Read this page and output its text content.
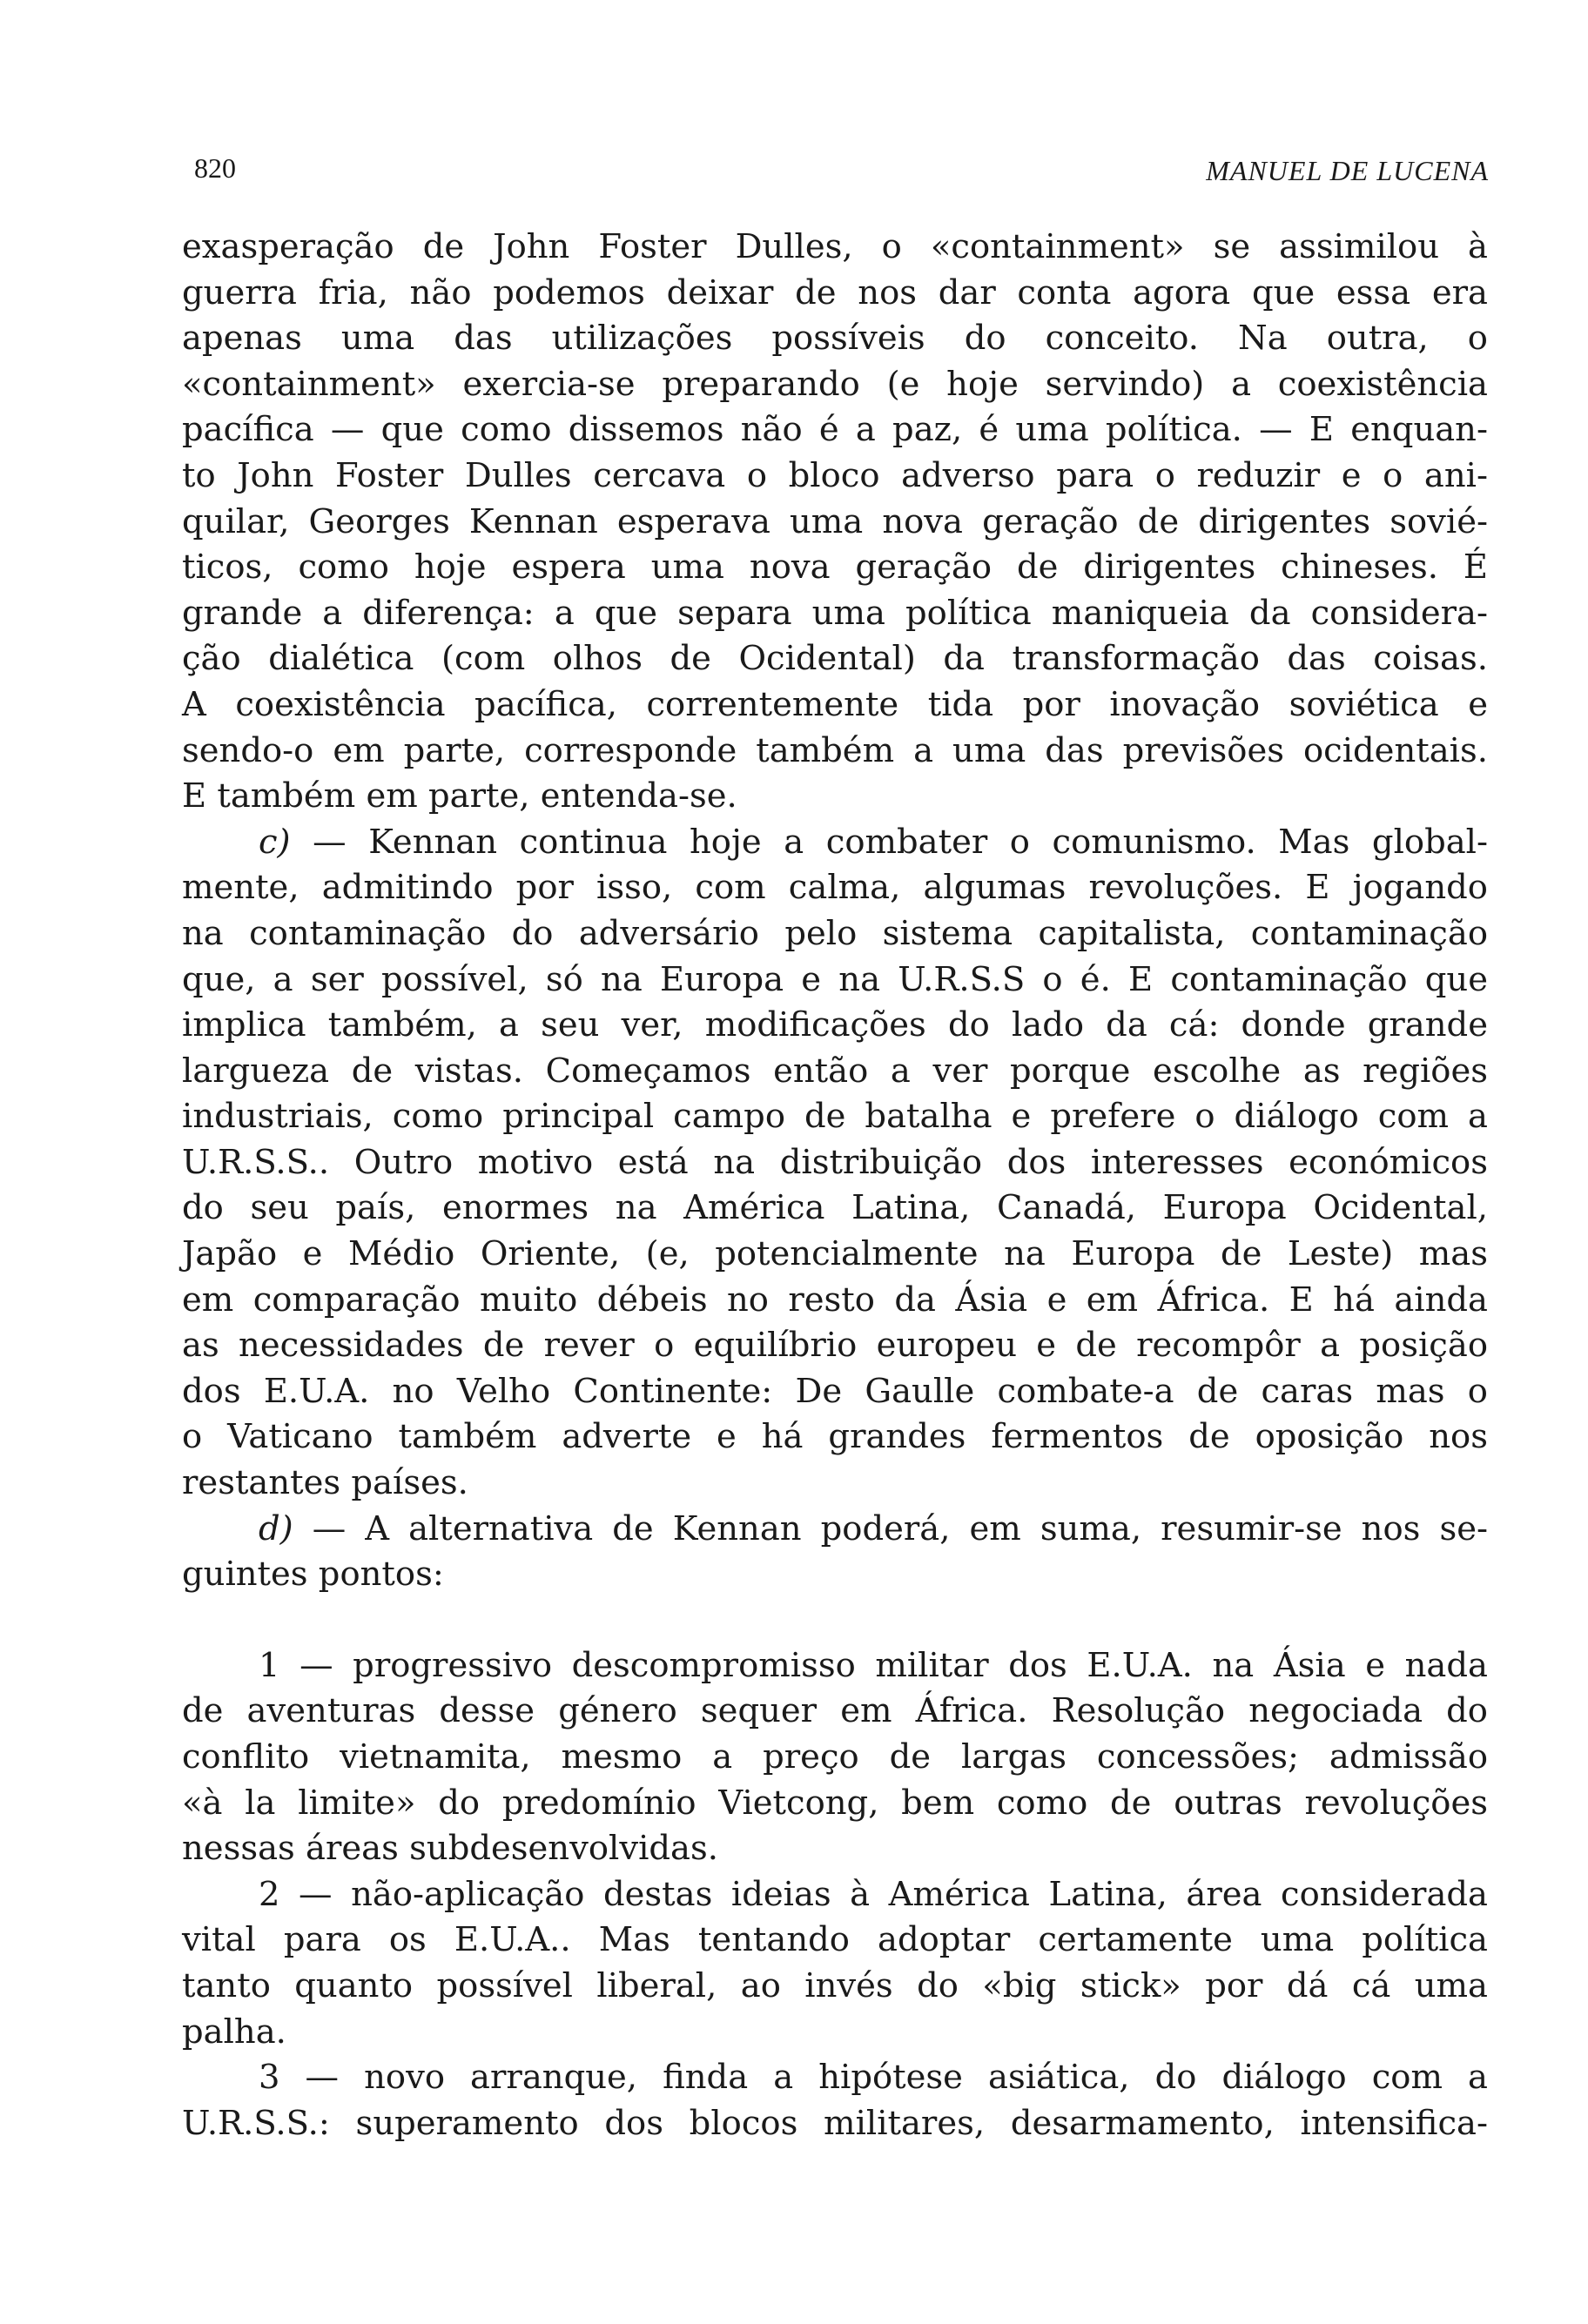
820	MANUEL DE LUCENA

exasperação de John Foster Dulles, o «containment» se assimilou à
guerra fria, não podemos deixar de nos dar conta agora que essa era
apenas uma das utilizações possíveis do conceito. Na outra, o
«containment» exercia-se preparando (e hoje servindo) a coexistência
pacífica — que como dissemos não é a paz, é uma política. — E enquan-
to John Foster Dulles cercava o bloco adverso para o reduzir e o ani-
quilar, Georges Kennan esperava uma nova geração de dirigentes sovié-
ticos, como hoje espera uma nova geração de dirigentes chineses. É
grande a diferença: a que separa uma política maniqueia da considera-
ção dialética (com olhos de Ocidental) da transformação das coisas.
A coexistência pacífica, correntemente tida por inovação soviética e
sendo-o em parte, corresponde também a uma das previsões ocidentais.
E também em parte, entenda-se.

c) — Kennan continua hoje a combater o comunismo. Mas global-
mente, admitindo por isso, com calma, algumas revoluções. E jogando
na contaminação do adversário pelo sistema capitalista, contaminação
que, a ser possível, só na Europa e na U.R.S.S o é. E contaminação que
implica também, a seu ver, modificações do lado da cá: donde grande
largueza de vistas. Começamos então a ver porque escolhe as regiões
industriais, como principal campo de batalha e prefere o diálogo com a
U.R.S.S.. Outro motivo está na distribuição dos interesses económicos
do seu país, enormes na América Latina, Canadá, Europa Ocidental,
Japão e Médio Oriente, (e, potencialmente na Europa de Leste) mas
em comparação muito débeis no resto da Ásia e em África. E há ainda
as necessidades de rever o equilíbrio europeu e de recompôr a posição
dos E.U.A. no Velho Continente: De Gaulle combate-a de caras mas o
o Vaticano também adverte e há grandes fermentos de oposição nos
restantes países.

d) — A alternativa de Kennan poderá, em suma, resumir-se nos se-
guintes pontos:

1 — progressivo descompromisso militar dos E.U.A. na Ásia e nada
de aventuras desse género sequer em África. Resolução negociada do
conflito vietnamita, mesmo a preço de largas concessões; admissão
«à la limite» do predomínio Vietcong, bem como de outras revoluções
nessas áreas subdesenvolvidas.

2 — não-aplicação destas ideias à América Latina, área considerada
vital para os E.U.A.. Mas tentando adoptar certamente uma política
tanto quanto possível liberal, ao invés do «big stick» por dá cá uma
palha.

3 — novo arranque, finda a hipótese asiática, do diálogo com a
U.R.S.S.: superamento dos blocos militares, desarmamento, intensifica-
